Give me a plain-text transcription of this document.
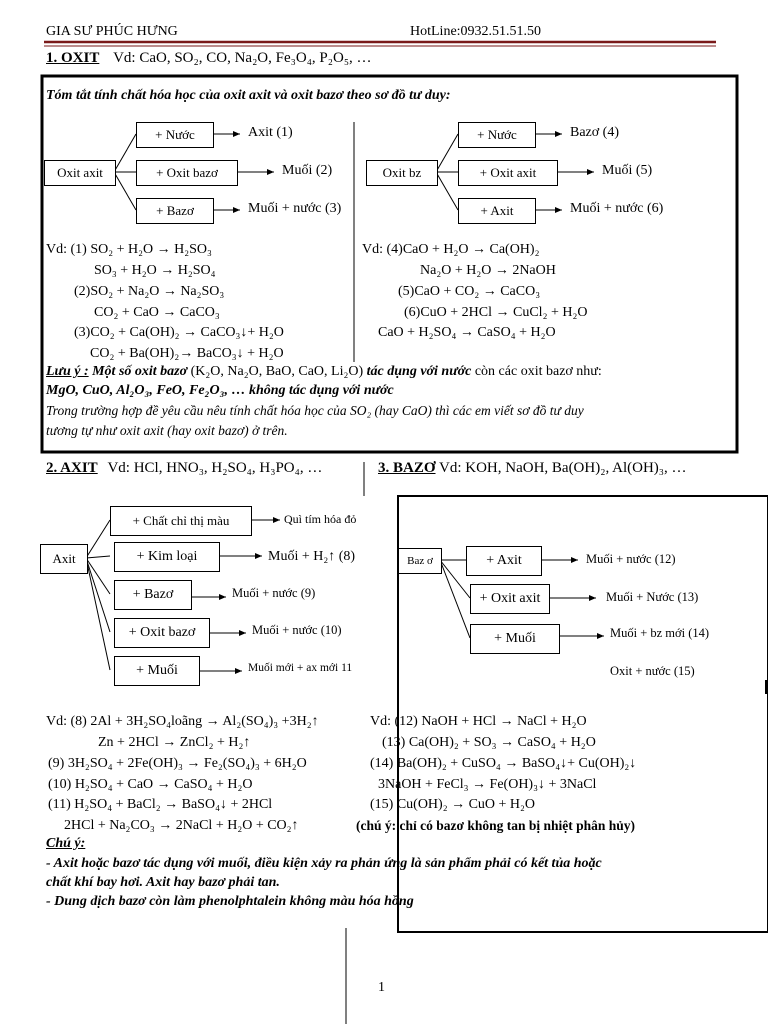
GIA SƯ PHÚC HƯNG	HotLine:0932.51.51.50
1. OXIT Vd: CaO, SO₂, CO, Na₂O, Fe₃O₄, P₂O₅, …
Tóm tắt tính chất hóa học của oxit axit và oxit bazơ theo sơ đồ tư duy:
Oxit axit
+ Nước
+ Oxit bazơ
+ Bazơ
Axit (1)
Muối (2)
Muối + nước (3)
Oxit bz
+ Nước
+ Oxit axit
+ Axit
Bazơ (4)
Muối (5)
Muối + nước (6)
Vd: (1) SO₂ + H₂O → H₂SO₃
SO₃ + H₂O → H₂SO₄
(2)SO₂ + Na₂O → Na₂SO₃
CO₂ + CaO → CaCO₃
(3)CO₂ + Ca(OH)₂ → CaCO₃↓+ H₂O
CO₂ + Ba(OH)₂→ BaCO₃↓ + H₂O
Vd: (4)CaO + H₂O → Ca(OH)₂
Na₂O + H₂O → 2NaOH
(5)CaO + CO₂ → CaCO₃
(6)CuO + 2HCl → CuCl₂ + H₂O
CaO + H₂SO₄ → CaSO₄ + H₂O
Lưu ý : Một số oxit bazơ (K₂O, Na₂O, BaO, CaO, Li₂O) tác dụng với nước còn các oxit bazơ như:
MgO, CuO, Al₂O₃, FeO, Fe₂O₃, … không tác dụng với nước
Trong trường hợp đề yêu cầu nêu tính chất hóa học của SO₂ (hay CaO) thì các em viết sơ đồ tư duy
tương tự như oxit axit (hay oxit bazơ) ở trên.
2. AXIT Vd: HCl, HNO₃, H₂SO₄, H₃PO₄, …	3. BAZƠ Vd: KOH, NaOH, Ba(OH)₂, Al(OH)₃, …
Axit
+ Chất chỉ thị màu
+ Kim loại
+ Bazơ
+ Oxit bazơ
+ Muối
Quì tím hóa đỏ
Muối + H₂↑ (8)
Muối + nước (9)
Muối + nước (10)
Muối mới + ax mới 11
Baz ơ	+ Axit
+ Oxit axit
+ Muối
Muối + nước (12)
Muối + Nước (13)
Muối + bz mới (14)
Oxit + nước (15)
Vd: (8) 2Al + 3H₂SO₄loãng → Al₂(SO₄)₃ +3H₂↑
Zn + 2HCl → ZnCl₂ + H₂↑
(9) 3H₂SO₄ + 2Fe(OH)₃ → Fe₂(SO₄)₃ + 6H₂O
(10) H₂SO₄ + CaO → CaSO₄ + H₂O
(11) H₂SO₄ + BaCl₂ → BaSO₄↓ + 2HCl
2HCl + Na₂CO₃ → 2NaCl + H₂O + CO₂↑
Vd: (12) NaOH + HCl → NaCl + H₂O
(13) Ca(OH)₂ + SO₃ → CaSO₄ + H₂O
(14) Ba(OH)₂ + CuSO₄ → BaSO₄↓+ Cu(OH)₂↓
3NaOH + FeCl₃ → Fe(OH)₃↓ + 3NaCl
(15) Cu(OH)₂ → CuO + H₂O
(chú ý: chỉ có bazơ không tan bị nhiệt phân hủy)
Chú ý:
- Axit hoặc bazơ tác dụng với muối, điều kiện xảy ra phản ứng là sản phẩm phải có kết tủa hoặc
chất khí bay hơi. Axit hay bazơ phải tan.
- Dung dịch bazơ còn làm phenolphtalein không màu hóa hồng
1
